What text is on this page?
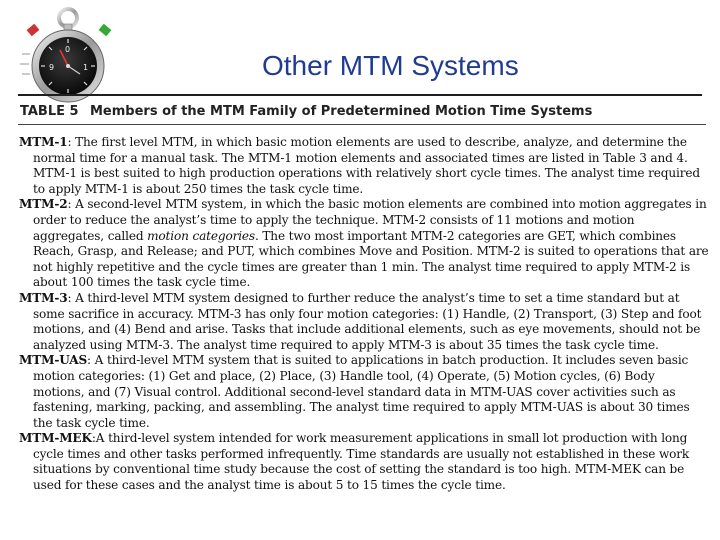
9
0
1	Other MTM Systems
TABLE 5 Members of the MTM Family of Predetermined Motion Time Systems
MTM-1: The first level MTM, in which basic motion elements are used to describe, analyze, and determine the normal time for a manual task. The MTM-1 motion elements and associated times are listed in Table 3 and 4. MTM-1 is best suited to high production operations with relatively short cycle times. The analyst time required to apply MTM-1 is about 250 times the task cycle time.
MTM-2: A second-level MTM system, in which the basic motion elements are combined into motion aggregates in order to reduce the analyst’s time to apply the technique. MTM-2 consists of 11 motions and motion aggregates, called motion categories. The two most important MTM-2 categories are GET, which combines Reach, Grasp, and Release; and PUT, which combines Move and Position. MTM-2 is suited to operations that are not highly repetitive and the cycle times are greater than 1 min. The analyst time required to apply MTM-2 is about 100 times the task cycle time.
MTM-3: A third-level MTM system designed to further reduce the analyst’s time to set a time standard but at some sacrifice in accuracy. MTM-3 has only four motion categories: (1) Handle, (2) Transport, (3) Step and foot motions, and (4) Bend and arise. Tasks that include additional elements, such as eye movements, should not be analyzed using MTM-3. The analyst time required to apply MTM-3 is about 35 times the task cycle time.
MTM-UAS: A third-level MTM system that is suited to applications in batch production. It includes seven basic motion categories: (1) Get and place, (2) Place, (3) Handle tool, (4) Operate, (5) Motion cycles, (6) Body motions, and (7) Visual control. Additional second-level standard data in MTM-UAS cover activities such as fastening, marking, packing, and assembling. The analyst time required to apply MTM-UAS is about 30 times the task cycle time.
MTM-MEK:A third-level system intended for work measurement applications in small lot production with long cycle times and other tasks performed infrequently. Time standards are usually not established in these work situations by conventional time study because the cost of setting the standard is too high. MTM-MEK can be used for these cases and the analyst time is about 5 to 15 times the cycle time.
